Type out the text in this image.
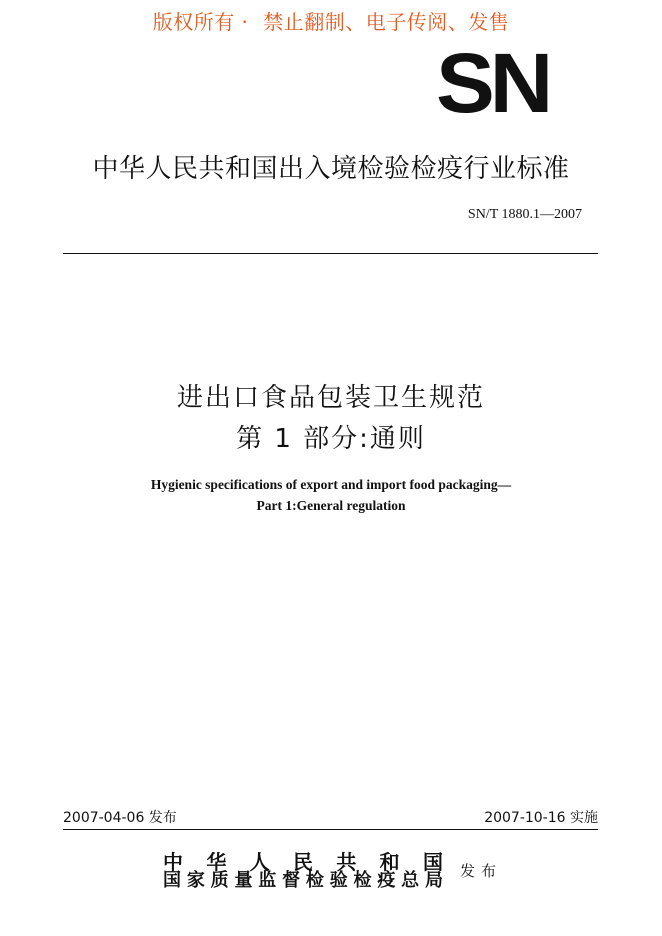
版权所有 · 禁止翻制、电子传阅、发售
SN
中华人民共和国出入境检验检疫行业标准
SN/T 1880.1—2007
进出口食品包装卫生规范
第 1 部分:通则
Hygienic specifications of export and import food packaging—
Part 1:General regulation
2007-04-06 发布	2007-10-16 实施
中华人民共和国
国家质量监督检验检疫总局 发布
